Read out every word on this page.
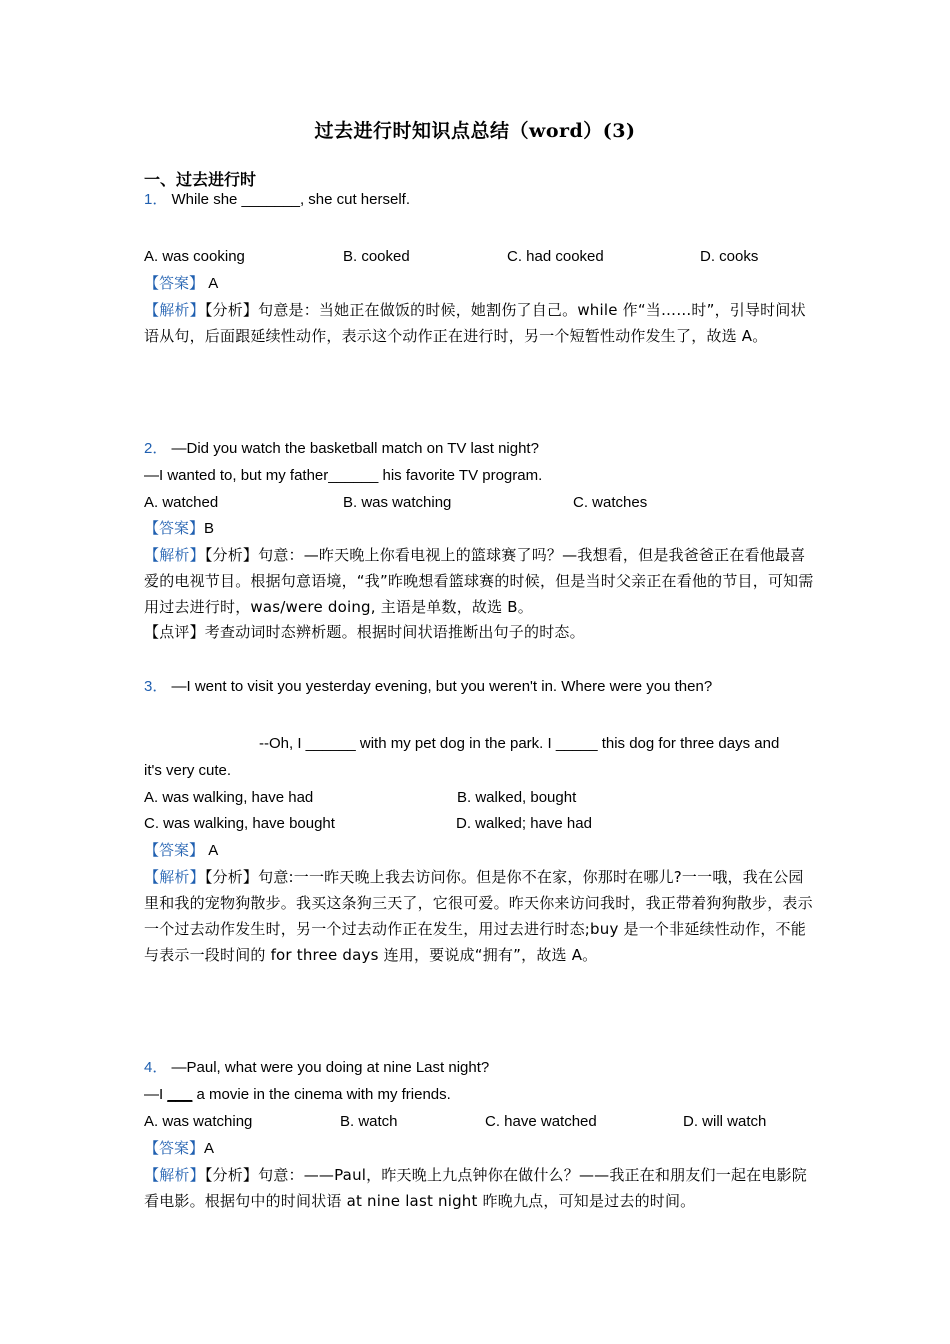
过去进行时知识点总结（word）(3)
一、过去进行时
1． While she _______, she cut herself.
A. was cooking	B. cooked	C. had cooked	D. cooks
【答案】 A
【解析】【分析】句意是：当她正在做饭的时候，她割伤了自己。while 作“当……时”，引导时间状语从句，后面跟延续性动作，表示这个动作正在进行时，另一个短暂性动作发生了，故选 A。
2． —Did you watch the basketball match on TV last night?
—I wanted to, but my father______ his favorite TV program.
A. watched	B. was watching	C. watches
【答案】B
【解析】【分析】句意：—昨天晚上你看电视上的篮球赛了吗？—我想看，但是我爸爸正在看他最喜爱的电视节目。根据句意语境，“我”昨晚想看篮球赛的时候，但是当时父亲正在看他的节目，可知需用过去进行时，was/were doing, 主语是单数，故选 B。
【点评】考查动词时态辨析题。根据时间状语推断出句子的时态。
3． —I went to visit you yesterday evening, but you weren't in. Where were you then?
--Oh, I ______ with my pet dog in the park. I _____ this dog for three days and
it's very cute.
A. was walking, have had	B. walked, bought
C. was walking, have bought	D. walked; have had
【答案】 A
【解析】【分析】句意:一一昨天晚上我去访问你。但是你不在家，你那时在哪儿?一一哦，我在公园里和我的宠物狗散步。我买这条狗三天了，它很可爱。昨天你来访问我时，我正带着狗狗散步，表示一个过去动作发生时，另一个过去动作正在发生，用过去进行时态;buy 是一个非延续性动作，不能与表示一段时间的 for three days 连用，要说成“拥有”，故选 A。
4． —Paul, what were you doing at nine Last night?
—I ___ a movie in the cinema with my friends.
A. was watching	B. watch	C. have watched	D. will watch
【答案】A
【解析】【分析】句意：——Paul，昨天晚上九点钟你在做什么？——我正在和朋友们一起在电影院看电影。根据句中的时间状语 at nine last night 昨晚九点，可知是过去的时间。
